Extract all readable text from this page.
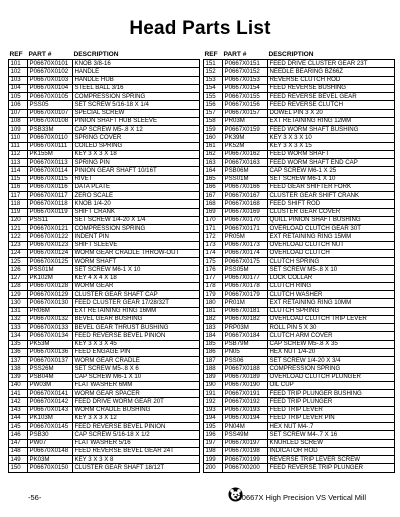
Head Parts List
REF	PART #	DESCRIPTION
101	P06670X0101	KNOB 3/8-16
102	P06670X0102	HANDLE
103	P06670X0103	HANDLE HUB
104	P06670X0104	STEEL BALL 3/16
105	P06670X0105	COMPRESSION SPRING
106	PSS05	SET SCREW 5/16-18 X 1/4
107	P06670X0107	SPECIAL SCREW
108	P06670X0108	PINION SHAFT HUB SLEEVE
109	PSB33M	CAP SCREW M5-.8 X 12
110	P06670X0110	SPRING COVER
111	P06670X0111	COILED SPRING
112	PK155M	KEY 3 X 3 X 18
113	P06670X0113	SPRING PIN
114	P06670X0114	PINION GEAR SHAFT 10/16T
115	P06670X0115	RIVET
116	P06670X0116	DATA PLATE
117	P06670X0117	ZERO SCALE
118	P06670X0118	KNOB 1/4-20
119	P06670X0119	SHIFT CRANK
120	PSS11	SET SCREW 1/4-20 X 1/4
121	P06670X0121	COMPRESSION SPRING
122	P06670X0122	INDENT PIN
123	P06670X0123	SHIFT SLEEVE
124	P06670X0124	WORM GEAR CRADLE THROW-OUT
125	P06670X0125	WORM SHAFT
126	PSS01M	SET SCREW M6-1 X 10
127	PK102M	KEY 4 X 4 X 18
128	P06670X0128	WORM GEAR
129	P06670X0129	CLUSTER GEAR SHAFT CAP
130	P06670X0130	FEED CLUSTER GEAR 17/28/32T
131	PR06M	EXT RETAINING RING 16MM
132	P06670X0132	BEVEL GEAR BUSHING
133	P06670X0133	BEVEL GEAR THRUST BUSHING
134	P06670X0134	FEED REVERSE BEVEL PINION
135	PK53M	KEY 3 X 3 X 45
136	P06670X0136	FEED ENGAGE PIN
137	P06670X0137	WORM GEAR CRADLE
138	PSS26M	SET SCREW M5-.8 X 6
139	PSB04M	CAP SCREW M6-1 X 10
140	PW03M	FLAT WASHER 6MM
141	P06670X0141	WORM GEAR SPACER
142	P06670X0142	FEED DRIVE WORM GEAR 20T
143	P06670X0143	WORM CRADLE BUSHING
144	PK103M	KEY 3 X 3 X 12
145	P06670X0145	FEED REVERSE BEVEL PINION
146	PSB30	CAP SCREW 5/16-18 X 1/2
147	PW07	FLAT WASHER 5/16
148	P06670X0148	FEED REVERSE BEVEL GEAR 24T
149	PK03M	KEY 3 X 3 X 8
150	P06670X0150	CLUSTER GEAR SHAFT 18/12T
REF	PART #	DESCRIPTION
151	P0667X0151	FEED DRIVE CLUSTER GEAR 23T
152	P0667X0152	NEEDLE BEARING BZ66Z
153	P0667X0153	REVERSE CLUTCH ROD
154	P0667X0154	FEED REVERSE BUSHING
155	P0667X0155	FEED REVERSE BEVEL GEAR
156	P0667X0156	FEED REVERSE CLUTCH
157	P0667X0157	DOWEL PIN 3 X 20
158	PR03M	EXT RETAINING RING 12MM
159	P0667X0159	FEED WORM SHAFT BUSHING
160	PK39M	KEY 3 X 3 X 10
161	PK52M	KEY 3 X 3 X 15
162	P0667X0162	FEED WORM SHAFT
163	P0667X0163	FEED WORM SHAFT END CAP
164	PSB06M	CAP SCREW M6-1 X 25
165	PSS01M	SET SCREW M6-1 X 10
166	P0667X0166	FEED GEAR SHIFTER FORK
167	P0667X0167	CLUSTER GEAR SHIFT CRANK
168	P0667X0168	FEED SHIFT ROD
169	P0667X0169	CLUSTER GEAR COVER
170	P0667X0170	QUILL PINION SHAFT BUSHING
171	P0667X0171	OVERLOAD CLUTCH GEAR 30T
172	PR05M	EXT RETAINING RING 15MM
173	P0667X0173	OVERLOAD CLUTCH NUT
174	P0667X0174	OVERLOAD CLUTCH
175	P0667X0175	CLUTCH SPRING
176	PSS05M	SET SCREW M5-.8 X 10
177	P0667X0177	LOCK COLLAR
178	P0667X0178	CLUTCH RING
179	P0667X0179	CLUTCH WASHER
180	PR01M	EXT RETAINING RING 10MM
181	P0667X0181	CLUTCH SPRING
182	P0667X0182	OVERLOAD CLUTCH TRIP LEVER
183	PRP03M	ROLL PIN 5 X 30
184	P0667X0184	CLUTCH ARM COVER
185	PSB79M	CAP SCREW M5-.8 X 35
186	PN05	HEX NUT 1/4-20
187	PSS06	SET SCREW 1/4-20 X 3/4
188	P0667X0188	COMPRESSION SPRING
189	P0667X0189	OVERLOAD CLUTCH PLUNGER
190	P0667X0190	OIL CUP
191	P0667X0191	FEED TRIP PLUNGER BUSHING
192	P0667X0192	FEED TRIP PLUNGER
193	P0667X0193	FEED TRIP LEVER
194	P0667X0194	FEED TRIP LEVER PIN
195	PN04M	HEX NUT M4-.7
196	PSS49M	SET SCREW M4-.7 X 16
197	P0667X0197	KNURLED SCREW
198	P0667X0198	INDICATOR ROD
199	P0667X0199	REVERSE TRIP LEVER SCREW
200	P0667X0200	FEED REVERSE TRIP PLUNGER
-56-	G0667X High Precision VS Vertical Mill
